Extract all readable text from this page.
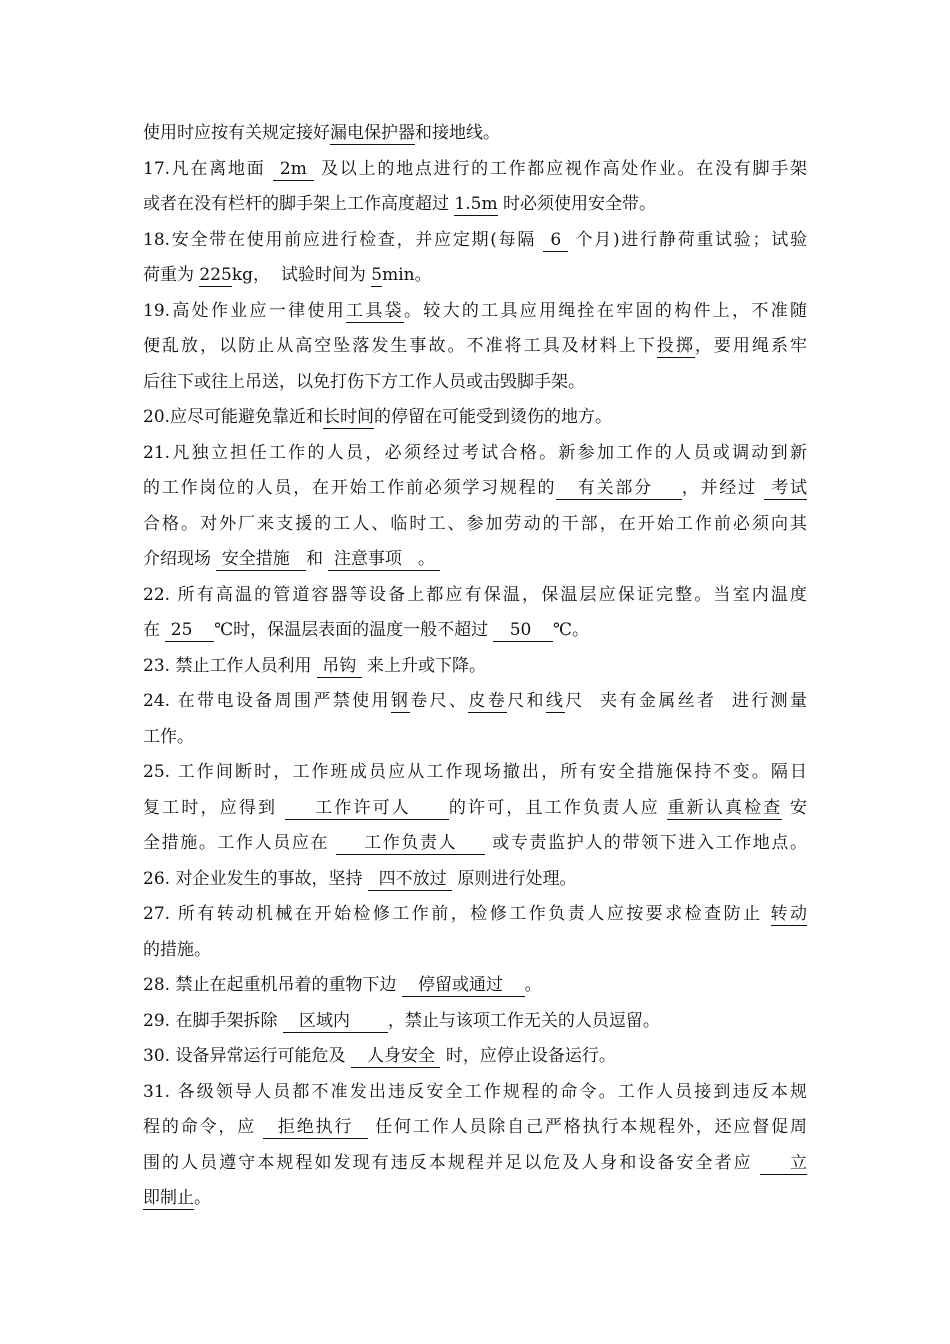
使用时应按有关规定接好漏电保护器和接地线。
17.凡在离地面  2m  及以上的地点进行的工作都应视作高处作业。在没有脚手架
或者在没有栏杆的脚手架上工作高度超过 1.5m 时必须使用安全带。
18.安全带在使用前应进行检查，并应定期(每隔  6  个月)进行静荷重试验；试验
荷重为 225kg，  试验时间为 5min。
19.高处作业应一律使用工具袋。较大的工具应用绳拴在牢固的构件上，不准随
便乱放，以防止从高空坠落发生事故。不准将工具及材料上下投掷，要用绳系牢
后往下或往上吊送，以免打伤下方工作人员或击毁脚手架。
20.应尽可能避免靠近和长时间的停留在可能受到烫伤的地方。
21.凡独立担任工作的人员，必须经过考试合格。新参加工作的人员或调动到新
的工作岗位的人员，在开始工作前必须学习规程的   有关部分    ，并经过  考试
合格。对外厂来支援的工人、临时工、参加劳动的干部，在开始工作前必须向其
介绍现场  安全措施   和  注意事项   。
22. 所有高温的管道容器等设备上都应有保温，保温层应保证完整。当室内温度
在  25    ℃时，保温层表面的温度一般不超过    50    ℃。
23. 禁止工作人员利用  吊钩  来上升或下降。
24. 在带电设备周围严禁使用钢卷尺、皮卷尺和线尺  夹有金属丝者  进行测量
工作。
25. 工作间断时，工作班成员应从工作现场撤出，所有安全措施保持不变。隔日
复工时，应得到     工作许可人     的许可，且工作负责人应 重新认真检查 安
全措施。工作人员应在     工作负责人     或专责监护人的带领下进入工作地点。
26. 对企业发生的事故，坚持   四不放过  原则进行处理。
27. 所有转动机械在开始检修工作前，检修工作负责人应按要求检查防止 转动
的措施。
28. 禁止在起重机吊着的重物下边    停留或通过    。
29. 在脚手架拆除    区域内       ，禁止与该项工作无关的人员逗留。
30. 设备异常运行可能危及    人身安全  时，应停止设备运行。
31. 各级领导人员都不准发出违反安全工作规程的命令。工作人员接到违反本规
程的命令，应   拒绝执行   任何工作人员除自己严格执行本规程外，还应督促周
围的人员遵守本规程如发现有违反本规程并足以危及人身和设备安全者应     立
即制止。
